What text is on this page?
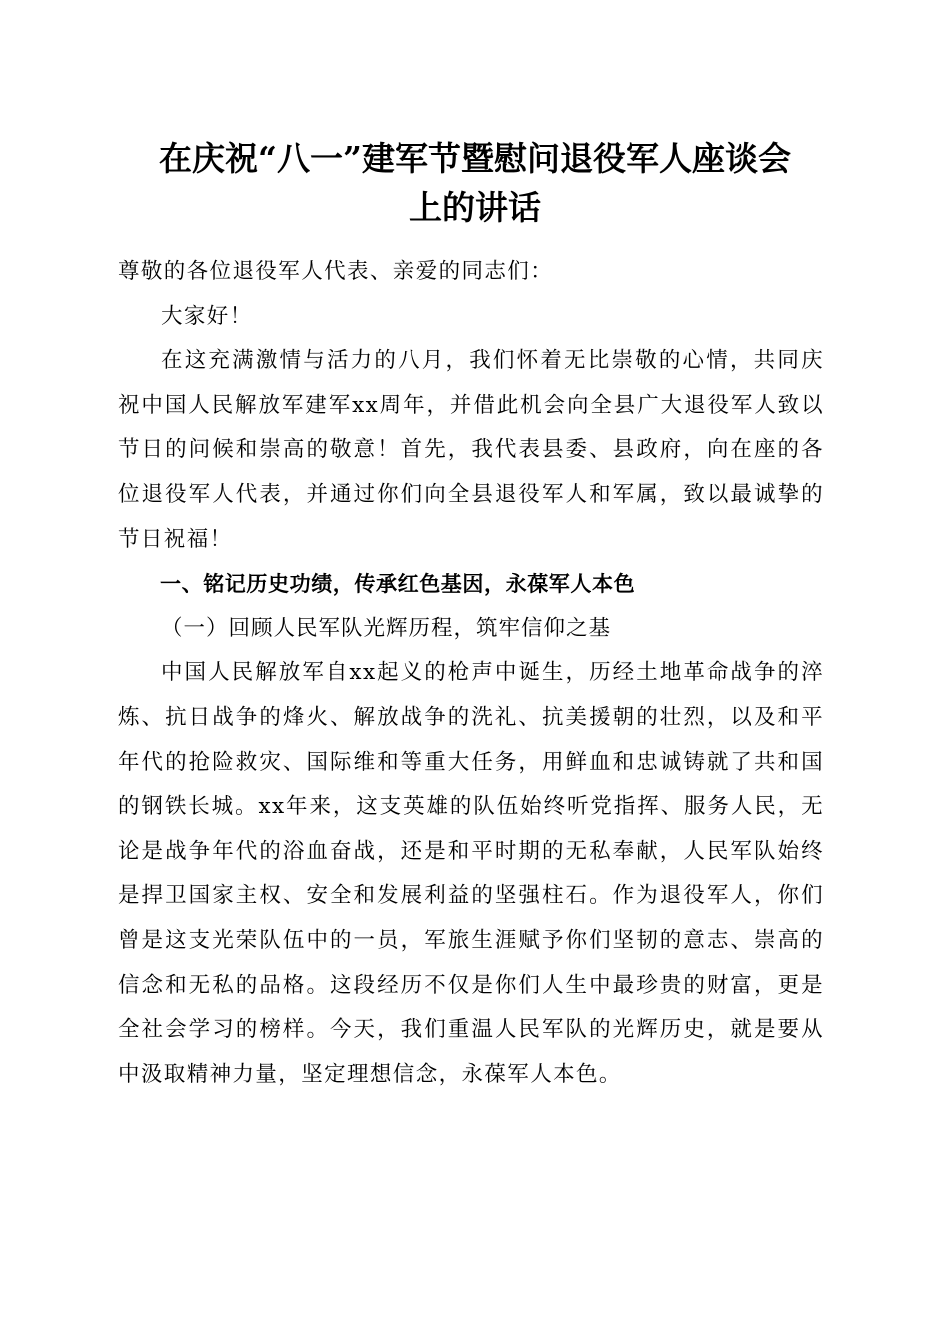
在庆祝“八一”建军节暨慰问退役军人座谈会
上的讲话

尊敬的各位退役军人代表、亲爱的同志们：

大家好！

在这充满激情与活力的八月，我们怀着无比崇敬的心情，共同庆祝中国人民解放军建军xx周年，并借此机会向全县广大退役军人致以节日的问候和崇高的敬意！首先，我代表县委、县政府，向在座的各位退役军人代表，并通过你们向全县退役军人和军属，致以最诚挚的节日祝福！

一、铭记历史功绩，传承红色基因，永葆军人本色

（一）回顾人民军队光辉历程，筑牢信仰之基

中国人民解放军自xx起义的枪声中诞生，历经土地革命战争的淬炼、抗日战争的烽火、解放战争的洗礼、抗美援朝的壮烈，以及和平年代的抢险救灾、国际维和等重大任务，用鲜血和忠诚铸就了共和国的钢铁长城。xx年来，这支英雄的队伍始终听党指挥、服务人民，无论是战争年代的浴血奋战，还是和平时期的无私奉献，人民军队始终是捍卫国家主权、安全和发展利益的坚强柱石。作为退役军人，你们曾是这支光荣队伍中的一员，军旅生涯赋予你们坚韧的意志、崇高的信念和无私的品格。这段经历不仅是你们人生中最珍贵的财富，更是全社会学习的榜样。今天，我们重温人民军队的光辉历史，就是要从中汲取精神力量，坚定理想信念，永葆军人本色。
